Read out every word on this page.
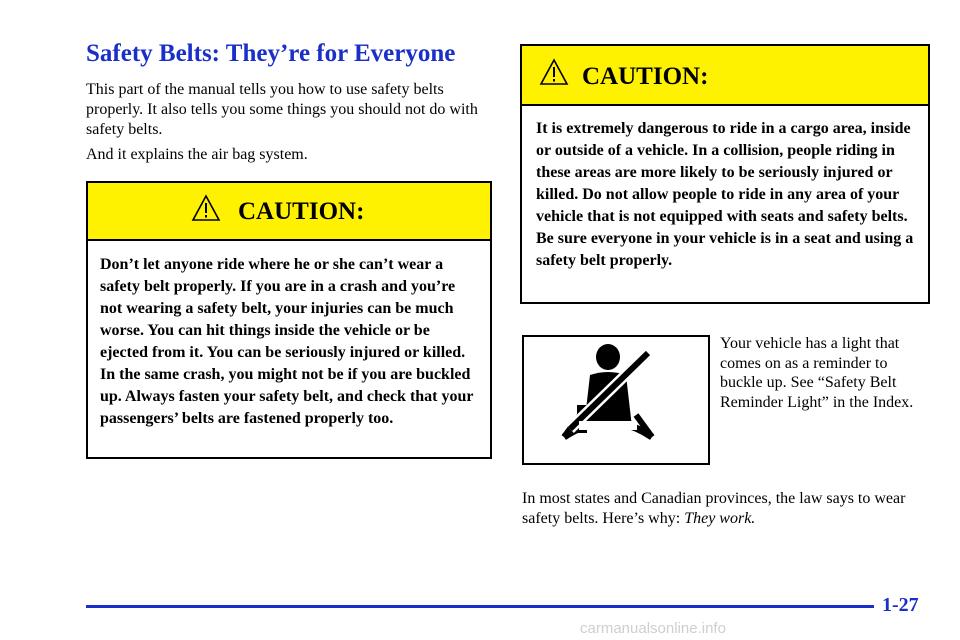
Safety Belts: They’re for Everyone

This part of the manual tells you how to use safety belts properly. It also tells you some things you should not do with safety belts.

And it explains the air bag system.

CAUTION:
Don’t let anyone ride where he or she can’t wear a safety belt properly. If you are in a crash and you’re not wearing a safety belt, your injuries can be much worse. You can hit things inside the vehicle or be ejected from it. You can be seriously injured or killed. In the same crash, you might not be if you are buckled up. Always fasten your safety belt, and check that your passengers’ belts are fastened properly too.
CAUTION:
It is extremely dangerous to ride in a cargo area, inside or outside of a vehicle. In a collision, people riding in these areas are more likely to be seriously injured or killed. Do not allow people to ride in any area of your vehicle that is not equipped with seats and safety belts. Be sure everyone in your vehicle is in a seat and using a safety belt properly.

Your vehicle has a light that comes on as a reminder to buckle up. See “Safety Belt Reminder Light” in the Index.

In most states and Canadian provinces, the law says to wear safety belts. Here’s why: They work.

1-27
carmanualsonline.info
